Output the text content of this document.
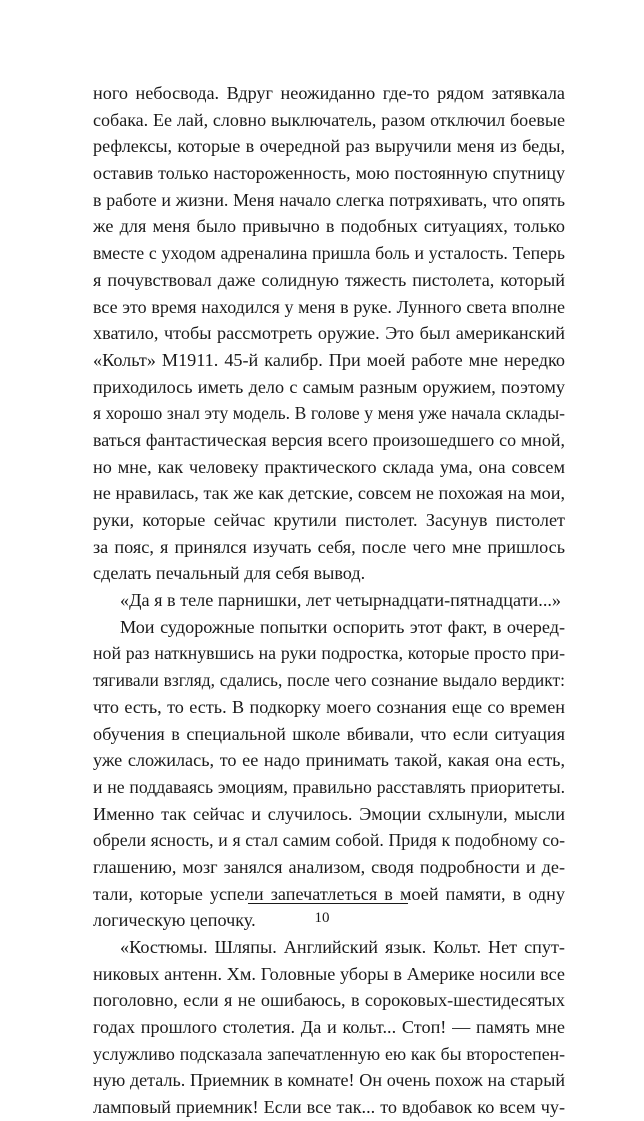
ного небосвода. Вдруг неожиданно где-то рядом затявкала
собака. Ее лай, словно выключатель, разом отключил боевые
рефлексы, которые в очередной раз выручили меня из беды,
оставив только настороженность, мою постоянную спутницу
в работе и жизни. Меня начало слегка потряхивать, что опять
же для меня было привычно в подобных ситуациях, только
вместе с уходом адреналина пришла боль и усталость. Теперь
я почувствовал даже солидную тяжесть пистолета, который
все это время находился у меня в руке. Лунного света вполне
хватило, чтобы рассмотреть оружие. Это был американский
«Кольт» М1911. 45-й калибр. При моей работе мне нередко
приходилось иметь дело с самым разным оружием, поэтому
я хорошо знал эту модель. В голове у меня уже начала склады-
ваться фантастическая версия всего произошедшего со мной,
но мне, как человеку практического склада ума, она совсем
не нравилась, так же как детские, совсем не похожая на мои,
руки, которые сейчас крутили пистолет. Засунув пистолет
за пояс, я принялся изучать себя, после чего мне пришлось
сделать печальный для себя вывод.
«Да я в теле парнишки, лет четырнадцати-пятнадцати...»
Мои судорожные попытки оспорить этот факт, в очеред-
ной раз наткнувшись на руки подростка, которые просто при-
тягивали взгляд, сдались, после чего сознание выдало вердикт:
что есть, то есть. В подкорку моего сознания еще со времен
обучения в специальной школе вбивали, что если ситуация
уже сложилась, то ее надо принимать такой, какая она есть,
и не поддаваясь эмоциям, правильно расставлять приоритеты.
Именно так сейчас и случилось. Эмоции схлынули, мысли
обрели ясность, и я стал самим собой. Придя к подобному со-
глашению, мозг занялся анализом, сводя подробности и де-
тали, которые успели запечатлеться в моей памяти, в одну
логическую цепочку.
«Костюмы. Шляпы. Английский язык. Кольт. Нет спут-
никовых антенн. Хм. Головные уборы в Америке носили все
поголовно, если я не ошибаюсь, в сороковых-шестидесятых
годах прошлого столетия. Да и кольт... Стоп! — память мне
услужливо подсказала запечатленную ею как бы второстепен-
ную деталь. Приемник в комнате! Он очень похож на старый
ламповый приемник! Если все так... то вдобавок ко всем чу-
10
